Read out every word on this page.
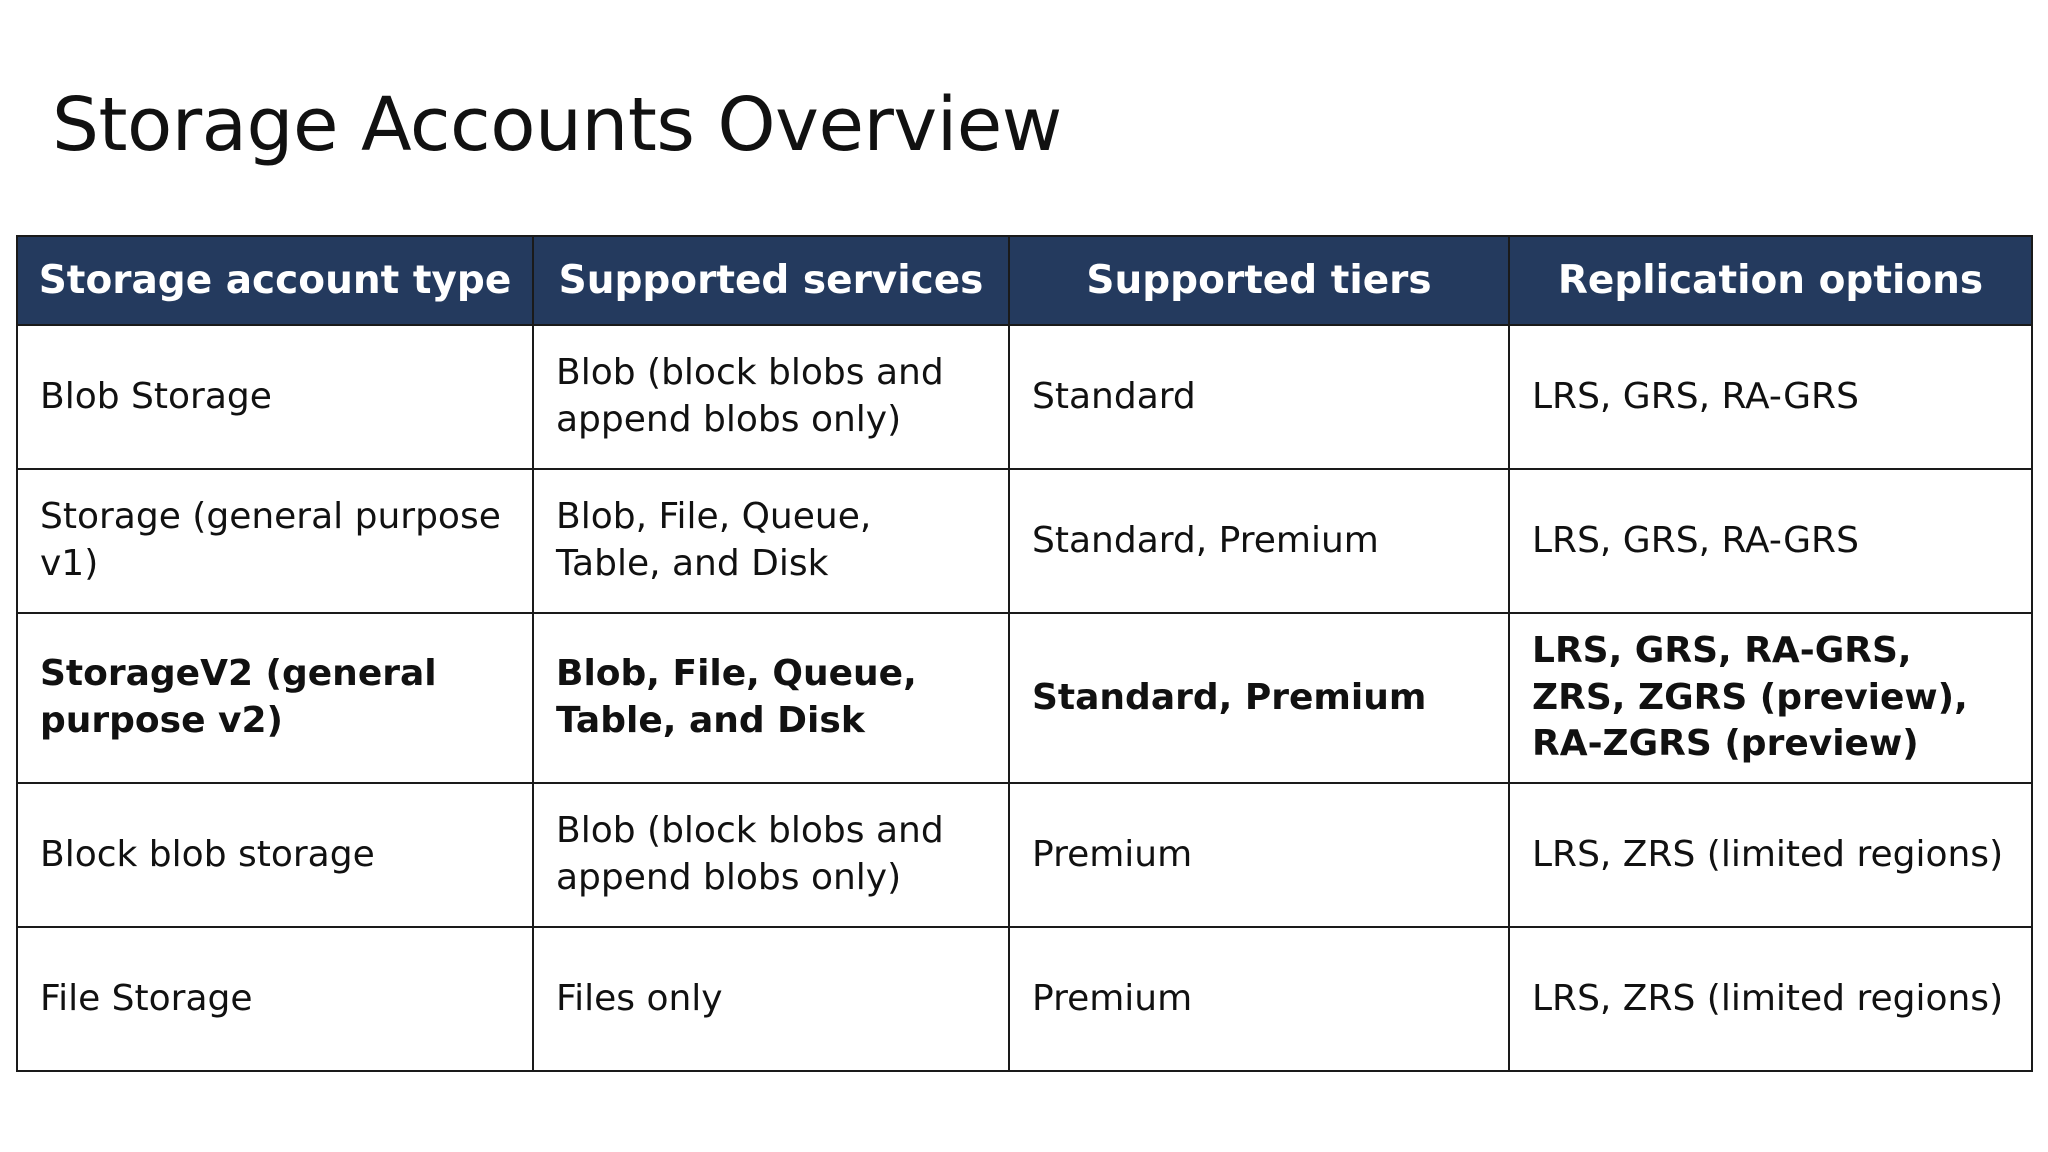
Storage Accounts Overview
Storage account type	Supported services	Supported tiers	Replication options
Blob Storage	Blob (block blobs and append blobs only)	Standard	LRS, GRS, RA-GRS
Storage (general purpose v1)	Blob, File, Queue, Table, and Disk	Standard, Premium	LRS, GRS, RA-GRS
StorageV2 (general purpose v2)	Blob, File, Queue, Table, and Disk	Standard, Premium	LRS, GRS, RA-GRS, ZRS, ZGRS (preview), RA-ZGRS (preview)
Block blob storage	Blob (block blobs and append blobs only)	Premium	LRS, ZRS (limited regions)
File Storage	Files only	Premium	LRS, ZRS (limited regions)
